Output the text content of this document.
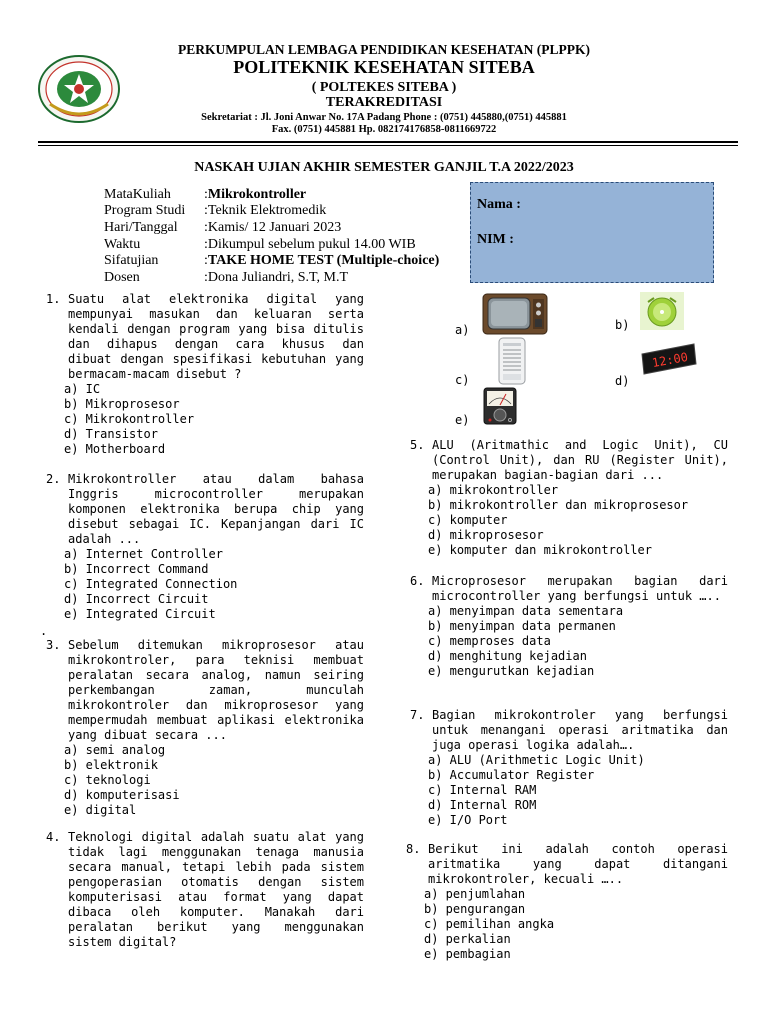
PERKUMPULAN LEMBAGA PENDIDIKAN KESEHATAN (PLPPK)
POLITEKNIK KESEHATAN SITEBA
( POLTEKES SITEBA )
TERAKREDITASI
Sekretariat : Jl. Joni Anwar No. 17A Padang Phone : (0751) 445880,(0751) 445881
Fax. (0751) 445881 Hp. 082174176858-0811669722
NASKAH UJIAN AKHIR SEMESTER GANJIL T.A 2022/2023
MataKuliah :Mikrokontroller
Program Studi :Teknik Elektromedik
Hari/Tanggal :Kamis/ 12 Januari 2023
Waktu	:Dikumpul sebelum pukul 14.00 WIB
Sifatujian	:TAKE HOME TEST (Multiple-choice)
Dosen	:Dona Juliandri, S.T, M.T
Nama :
NIM :
1. Suatu alat elektronika digital yang mempunyai masukan dan keluaran serta kendali dengan program yang bisa ditulis dan dihapus dengan cara khusus dan dibuat dengan spesifikasi kebutuhan yang bermacam-macam disebut ?
a) IC
b) Mikroprosesor
c) Mikrokontroller
d) Transistor
e) Motherboard
2. Mikrokontroller atau dalam bahasa Inggris microcontroller merupakan komponen elektronika berupa chip yang disebut sebagai IC. Kepanjangan dari IC adalah ...
a) Internet Controller
b) Incorrect Command
c) Integrated Connection
d) Incorrect Circuit
e) Integrated Circuit
3. Sebelum ditemukan mikroprosesor atau mikrokontroler, para teknisi membuat peralatan secara analog, namun seiring perkembangan zaman, munculah mikrokontroler dan mikroprosesor yang mempermudah membuat aplikasi elektronika yang dibuat secara ...
a) semi analog
b) elektronik
c) teknologi
d) komputerisasi
e) digital
4. Teknologi digital adalah suatu alat yang tidak lagi menggunakan tenaga manusia secara manual, tetapi lebih pada sistem pengoperasian otomatis dengan sistem komputerisasi atau format yang dapat dibaca oleh komputer. Manakah dari peralatan berikut yang menggunakan sistem digital?
5. ALU (Aritmathic and Logic Unit), CU (Control Unit), dan RU (Register Unit), merupakan bagian-bagian dari ...
a) mikrokontroller
b) mikrokontroller dan mikroprosesor
c) komputer
d) mikroprosesor
e) komputer dan mikrokontroller
6. Microprosesor merupakan bagian dari microcontroller yang berfungsi untuk …..
a) menyimpan data sementara
b) menyimpan data permanen
c) memproses data
d) menghitung kejadian
e) mengurutkan kejadian
7. Bagian mikrokontroler yang berfungsi untuk menangani operasi aritmatika dan juga operasi logika adalah….
a) ALU (Arithmetic Logic Unit)
b) Accumulator Register
c) Internal RAM
d) Internal ROM
e) I/O Port
8. Berikut ini adalah contoh operasi aritmatika yang dapat ditangani mikrokontroler, kecuali …..
a) penjumlahan
b) pengurangan
c) pemilihan angka
d) perkalian
e) pembagian
.
a)	b)
c)	d)
e)
12:00
